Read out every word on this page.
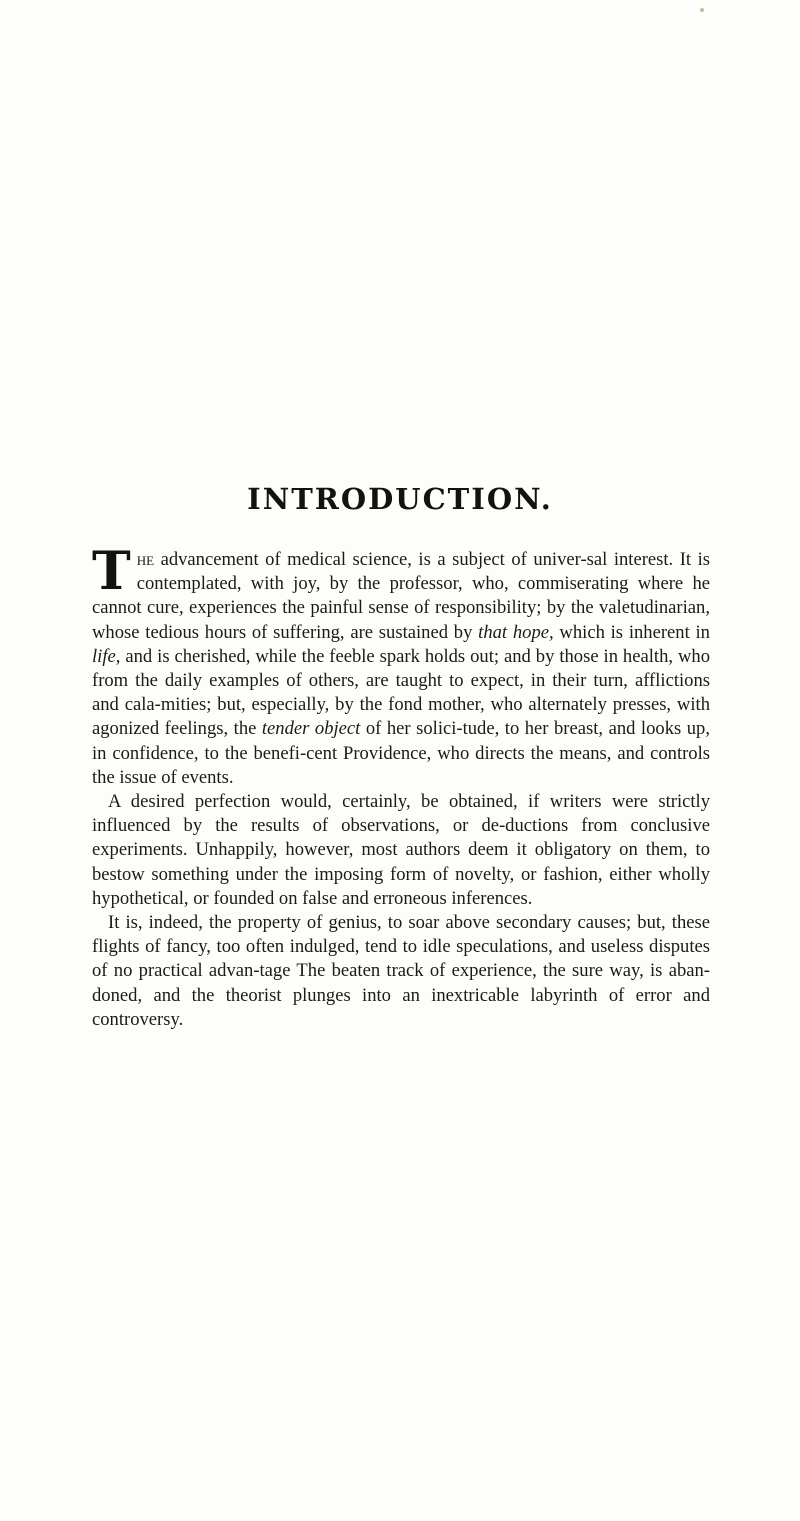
INTRODUCTION.

The advancement of medical science, is a subject of univer-sal interest. It is contemplated, with joy, by the professor, who, commiserating where he cannot cure, experiences the painful sense of responsibility; by the valetudinarian, whose tedious hours of suffering, are sustained by that hope, which is inherent in life, and is cherished, while the feeble spark holds out; and by those in health, who from the daily examples of others, are taught to expect, in their turn, afflictions and cala-mities; but, especially, by the fond mother, who alternately presses, with agonized feelings, the tender object of her solici-tude, to her breast, and looks up, in confidence, to the benefi-cent Providence, who directs the means, and controls the issue of events.

A desired perfection would, certainly, be obtained, if writers were strictly influenced by the results of observations, or de-ductions from conclusive experiments. Unhappily, however, most authors deem it obligatory on them, to bestow something under the imposing form of novelty, or fashion, either wholly hypothetical, or founded on false and erroneous inferences.

It is, indeed, the property of genius, to soar above secondary causes; but, these flights of fancy, too often indulged, tend to idle speculations, and useless disputes of no practical advan-tage The beaten track of experience, the sure way, is aban-doned, and the theorist plunges into an inextricable labyrinth of error and controversy.
